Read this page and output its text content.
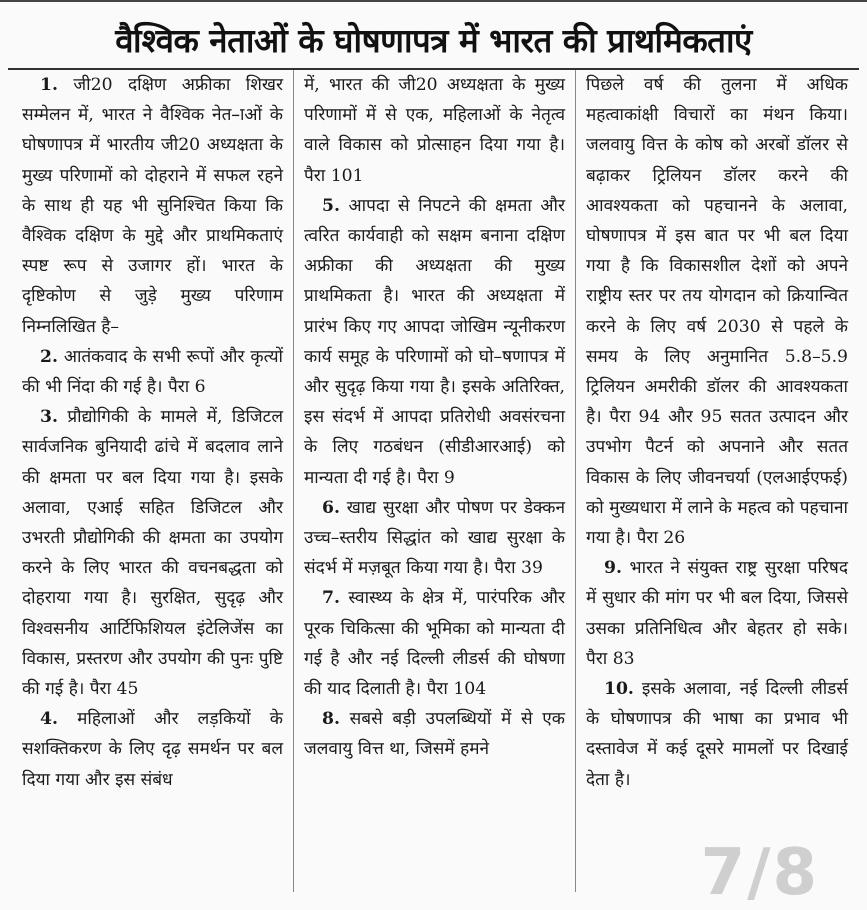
वैश्विक नेताओं के घोषणापत्र में भारत की प्राथमिकताएं

1. जी20 दक्षिण अफ्रीका शिखर सम्मेलन में, भारत ने वैश्विक नेत–ाओं के घोषणापत्र में भारतीय जी20 अध्यक्षता के मुख्य परिणामों को दोहराने में सफल रहने के साथ ही यह भी सुनिश्चित किया कि वैश्विक दक्षिण के मुद्दे और प्राथमिकताएं स्पष्ट रूप से उजागर हों। भारत के दृष्टिकोण से जुड़े मुख्य परिणाम निम्नलिखित है–

2. आतंकवाद के सभी रूपों और कृत्यों की भी निंदा की गई है। पैरा 6

3. प्रौद्योगिकी के मामले में, डिजिटल सार्वजनिक बुनियादी ढांचे में बदलाव लाने की क्षमता पर बल दिया गया है। इसके अलावा, एआई सहित डिजिटल और उभरती प्रौद्योगिकी की क्षमता का उपयोग करने के लिए भारत की वचनबद्धता को दोहराया गया है। सुरक्षित, सुदृढ़ और विश्वसनीय आर्टिफिशियल इंटेलिजेंस का विकास, प्रस्तरण और उपयोग की पुनः पुष्टि की गई है। पैरा 45

4. महिलाओं और लड़कियों के सशक्तिकरण के लिए दृढ़ समर्थन पर बल दिया गया और इस संबंध

में, भारत की जी20 अध्यक्षता के मुख्य परिणामों में से एक, महिलाओं के नेतृत्व वाले विकास को प्रोत्साहन दिया गया है। पैरा 101

5. आपदा से निपटने की क्षमता और त्वरित कार्यवाही को सक्षम बनाना दक्षिण अफ्रीका की अध्यक्षता की मुख्य प्राथमिकता है। भारत की अध्यक्षता में प्रारंभ किए गए आपदा जोखिम न्यूनीकरण कार्य समूह के परिणामों को घो–षणापत्र में और सुदृढ़ किया गया है। इसके अतिरिक्त, इस संदर्भ में आपदा प्रतिरोधी अवसंरचना के लिए गठबंधन (सीडीआरआई) को मान्यता दी गई है। पैरा 9

6. खाद्य सुरक्षा और पोषण पर डेक्कन उच्च–स्तरीय सिद्धांत को खाद्य सुरक्षा के संदर्भ में मज़बूत किया गया है। पैरा 39

7. स्वास्थ्य के क्षेत्र में, पारंपरिक और पूरक चिकित्सा की भूमिका को मान्यता दी गई है और नई दिल्ली लीडर्स की घोषणा की याद दिलाती है। पैरा 104

8. सबसे बड़ी उपलब्धियों में से एक जलवायु वित्त था, जिसमें हमने

पिछले वर्ष की तुलना में अधिक महत्वाकांक्षी विचारों का मंथन किया। जलवायु वित्त के कोष को अरबों डॉलर से बढ़ाकर ट्रिलियन डॉलर करने की आवश्यकता को पहचानने के अलावा, घोषणापत्र में इस बात पर भी बल दिया गया है कि विकासशील देशों को अपने राष्ट्रीय स्तर पर तय योगदान को क्रियान्वित करने के लिए वर्ष 2030 से पहले के समय के लिए अनुमानित 5.8–5.9 ट्रिलियन अमरीकी डॉलर की आवश्यकता है। पैरा 94 और 95 सतत उत्पादन और उपभोग पैटर्न को अपनाने और सतत विकास के लिए जीवनचर्या (एलआईएफई) को मुख्यधारा में लाने के महत्व को पहचाना गया है। पैरा 26

9. भारत ने संयुक्त राष्ट्र सुरक्षा परिषद में सुधार की मांग पर भी बल दिया, जिससे उसका प्रतिनिधित्व और बेहतर हो सके। पैरा 83

10. इसके अलावा, नई दिल्ली लीडर्स के घोषणापत्र की भाषा का प्रभाव भी दस्तावेज में कई दूसरे मामलों पर दिखाई देता है।

7/8
